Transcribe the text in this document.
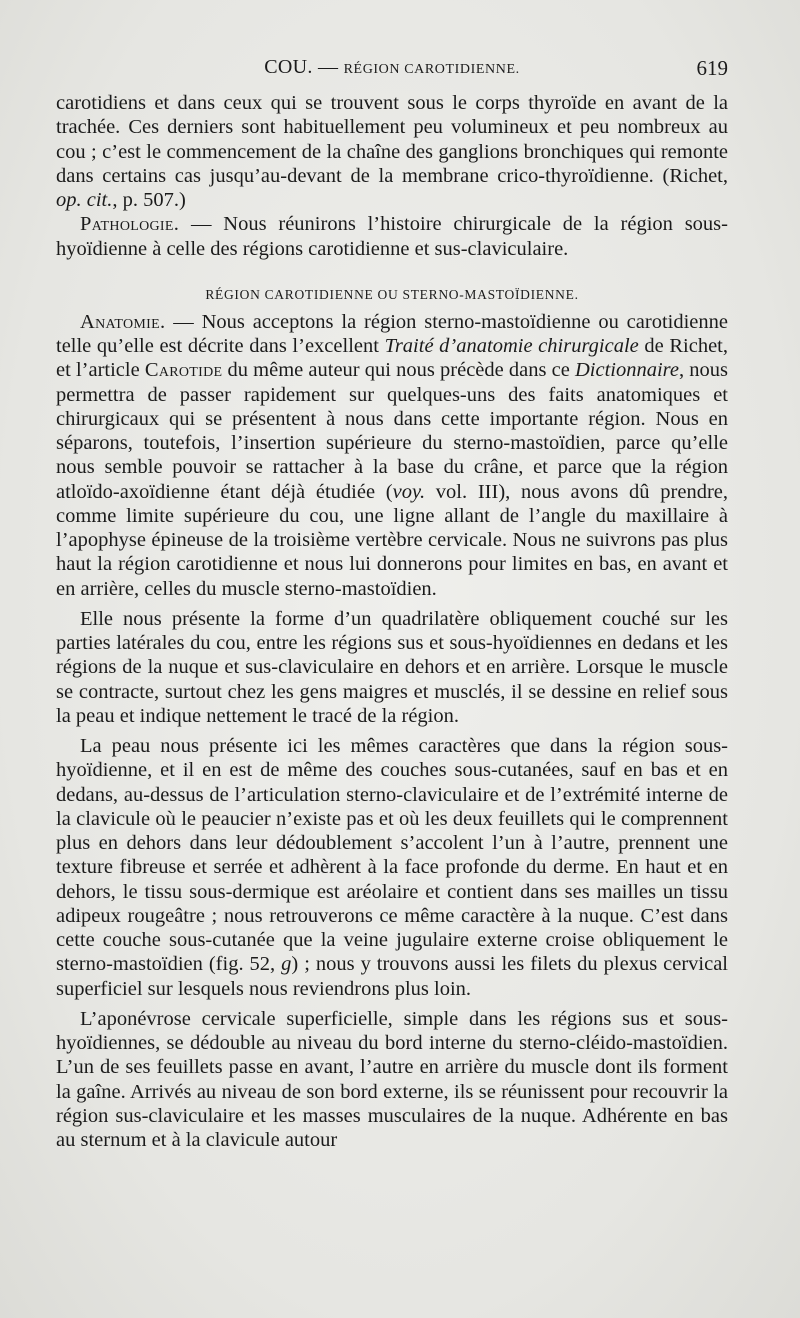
COU. — RÉGION CAROTIDIENNE.	619

carotidiens et dans ceux qui se trouvent sous le corps thyroïde en avant de la trachée. Ces derniers sont habituellement peu volumineux et peu nombreux au cou ; c’est le commencement de la chaîne des ganglions bronchiques qui remonte dans certains cas jusqu’au-devant de la membrane crico-thyroïdienne. (Richet, op. cit., p. 507.)

Pathologie. — Nous réunirons l’histoire chirurgicale de la région sous-hyoïdienne à celle des régions carotidienne et sus-claviculaire.

RÉGION CAROTIDIENNE OU STERNO-MASTOÏDIENNE.

Anatomie. — Nous acceptons la région sterno-mastoïdienne ou carotidienne telle qu’elle est décrite dans l’excellent Traité d’anatomie chirurgicale de Richet, et l’article Carotide du même auteur qui nous précède dans ce Dictionnaire, nous permettra de passer rapidement sur quelques-uns des faits anatomiques et chirurgicaux qui se présentent à nous dans cette importante région. Nous en séparons, toutefois, l’insertion supérieure du sterno-mastoïdien, parce qu’elle nous semble pouvoir se rattacher à la base du crâne, et parce que la région atloïdo-axoïdienne étant déjà étudiée (voy. vol. III), nous avons dû prendre, comme limite supérieure du cou, une ligne allant de l’angle du maxillaire à l’apophyse épineuse de la troisième vertèbre cervicale. Nous ne suivrons pas plus haut la région carotidienne et nous lui donnerons pour limites en bas, en avant et en arrière, celles du muscle sterno-mastoïdien.

Elle nous présente la forme d’un quadrilatère obliquement couché sur les parties latérales du cou, entre les régions sus et sous-hyoïdiennes en dedans et les régions de la nuque et sus-claviculaire en dehors et en arrière. Lorsque le muscle se contracte, surtout chez les gens maigres et musclés, il se dessine en relief sous la peau et indique nettement le tracé de la région.

La peau nous présente ici les mêmes caractères que dans la région sous-hyoïdienne, et il en est de même des couches sous-cutanées, sauf en bas et en dedans, au-dessus de l’articulation sterno-claviculaire et de l’extrémité interne de la clavicule où le peaucier n’existe pas et où les deux feuillets qui le comprennent plus en dehors dans leur dédoublement s’accolent l’un à l’autre, prennent une texture fibreuse et serrée et adhèrent à la face profonde du derme. En haut et en dehors, le tissu sous-dermique est aréolaire et contient dans ses mailles un tissu adipeux rougeâtre ; nous retrouverons ce même caractère à la nuque. C’est dans cette couche sous-cutanée que la veine jugulaire externe croise obliquement le sterno-mastoïdien (fig. 52, g) ; nous y trouvons aussi les filets du plexus cervical superficiel sur lesquels nous reviendrons plus loin.

L’aponévrose cervicale superficielle, simple dans les régions sus et sous-hyoïdiennes, se dédouble au niveau du bord interne du sterno-cléido-mastoïdien. L’un de ses feuillets passe en avant, l’autre en arrière du muscle dont ils forment la gaîne. Arrivés au niveau de son bord externe, ils se réunissent pour recouvrir la région sus-claviculaire et les masses musculaires de la nuque. Adhérente en bas au sternum et à la clavicule autour
